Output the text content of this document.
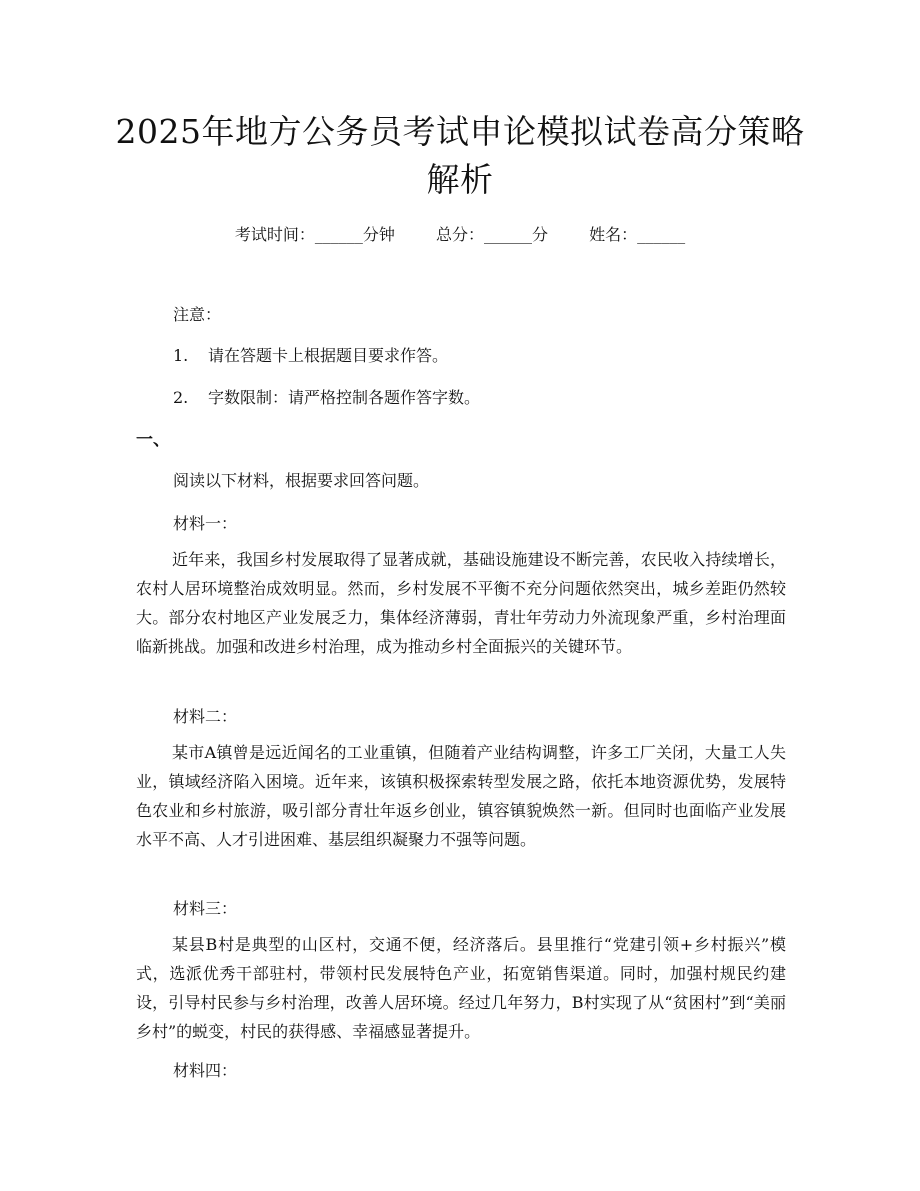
2025年地方公务员考试申论模拟试卷高分策略解析
考试时间：______分钟	总分：______分	姓名：______
注意：
1. 请在答题卡上根据题目要求作答。
2. 字数限制：请严格控制各题作答字数。
一、
阅读以下材料，根据要求回答问题。
材料一：

近年来，我国乡村发展取得了显著成就，基础设施建设不断完善，农民收入持续增长，农村人居环境整治成效明显。然而，乡村发展不平衡不充分问题依然突出，城乡差距仍然较大。部分农村地区产业发展乏力，集体经济薄弱，青壮年劳动力外流现象严重，乡村治理面临新挑战。加强和改进乡村治理，成为推动乡村全面振兴的关键环节。

材料二：

某市A镇曾是远近闻名的工业重镇，但随着产业结构调整，许多工厂关闭，大量工人失业，镇域经济陷入困境。近年来，该镇积极探索转型发展之路，依托本地资源优势，发展特色农业和乡村旅游，吸引部分青壮年返乡创业，镇容镇貌焕然一新。但同时也面临产业发展水平不高、人才引进困难、基层组织凝聚力不强等问题。

材料三：

某县B村是典型的山区村，交通不便，经济落后。县里推行“党建引领+乡村振兴”模式，选派优秀干部驻村，带领村民发展特色产业，拓宽销售渠道。同时，加强村规民约建设，引导村民参与乡村治理，改善人居环境。经过几年努力，B村实现了从“贫困村”到“美丽乡村”的蜕变，村民的获得感、幸福感显著提升。

材料四：
